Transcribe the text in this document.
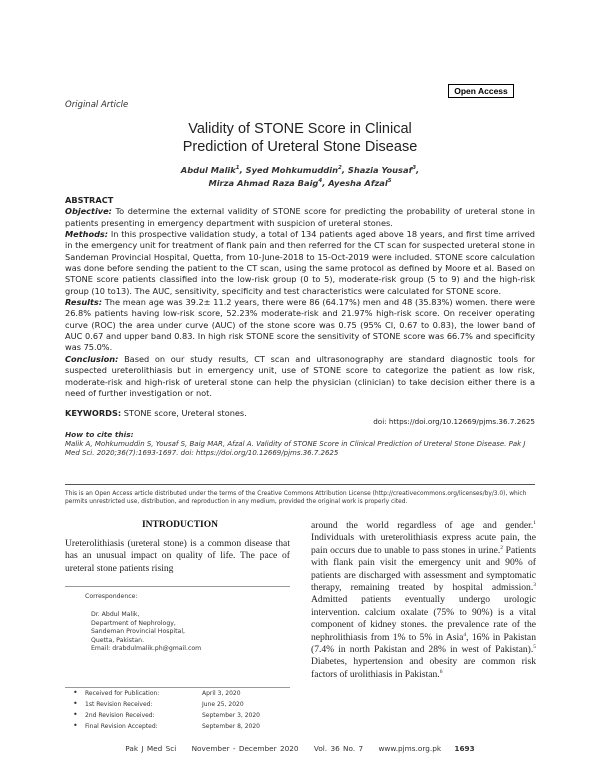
Open Access
Original Article
Validity of STONE Score in Clinical
Prediction of Ureteral Stone Disease
Abdul Malik$^1$, Syed Mohkumuddin$^2$, Shazia Yousaf$^3$,
Mirza Ahmad Raza Baig$^4$, Ayesha Afzal$^5$

ABSTRACT

Objective: To determine the external validity of STONE score for predicting the probability of ureteral stone in patients presenting in emergency department with suspicion of ureteral stones.

Methods: In this prospective validation study, a total of 134 patients aged above 18 years, and first time arrived in the emergency unit for treatment of flank pain and then referred for the CT scan for suspected ureteral stone in Sandeman Provincial Hospital, Quetta, from 10-June-2018 to 15-Oct-2019 were included. STONE score calculation was done before sending the patient to the CT scan, using the same protocol as defined by Moore et al. Based on STONE score patients classified into the low-risk group (0 to 5), moderate-risk group (5 to 9) and the high-risk group (10 to13). The AUC, sensitivity, specificity and test characteristics were calculated for STONE score.

Results: The mean age was 39.2± 11.2 years, there were 86 (64.17%) men and 48 (35.83%) women. there were 26.8% patients having low-risk score, 52.23% moderate-risk and 21.97% high-risk score. On receiver operating curve (ROC) the area under curve (AUC) of the stone score was 0.75 (95% CI, 0.67 to 0.83), the lower band of AUC 0.67 and upper band 0.83. In high risk STONE score the sensitivity of STONE score was 66.7% and specificity was 75.0%.

Conclusion: Based on our study results, CT scan and ultrasonography are standard diagnostic tools for suspected ureterolithiasis but in emergency unit, use of STONE score to categorize the patient as low risk, moderate-risk and high-risk of ureteral stone can help the physician (clinician) to take decision either there is a need of further investigation or not.

KEYWORDS: STONE score, Ureteral stones.

doi: https://doi.org/10.12669/pjms.36.7.2625
How to cite this:
Malik A, Mohkumuddin S, Yousaf S, Baig MAR, Afzal A. Validity of STONE Score in Clinical Prediction of Ureteral Stone Disease. Pak J Med Sci. 2020;36(7):1693-1697. doi: https://doi.org/10.12669/pjms.36.7.2625
This is an Open Access article distributed under the terms of the Creative Commons Attribution License (http://creativecommons.org/licenses/by/3.0), which permits unrestricted use, distribution, and reproduction in any medium, provided the original work is properly cited.
INTRODUCTION
Ureterolithiasis (ureteral stone) is a common disease that has an unusual impact on quality of life. The pace of ureteral stone patients rising
Correspondence:
Dr. Abdul Malik,
Department of Nephrology,
Sandeman Provincial Hospital,
Quetta, Pakistan.
Email: drabdulmalik.ph@gmail.com
• Received for Publication:	April 3, 2020
• 1st Revision Received:	June 25, 2020
• 2nd Revision Received:	September 3, 2020
• Final Revision Accepted:	September 8, 2020
around the world regardless of age and gender.$^1$ Individuals with ureterolithiasis express acute pain, the pain occurs due to unable to pass stones in urine.$^2$ Patients with flank pain visit the emergency unit and 90% of patients are discharged with assessment and symptomatic therapy, remaining treated by hospital admission.$^3$ Admitted patients eventually undergo urologic intervention. calcium oxalate (75% to 90%) is a vital component of kidney stones. the prevalence rate of the nephrolithiasis from 1% to 5% in Asia$^4$, 16% in Pakistan (7.4% in north Pakistan and 28% in west of Pakistan).$^5$ Diabetes, hypertension and obesity are common risk factors of urolithiasis in Pakistan.$^6$
Pak J Med Sci November - December 2020 Vol. 36 No. 7 www.pjms.org.pk 1693
